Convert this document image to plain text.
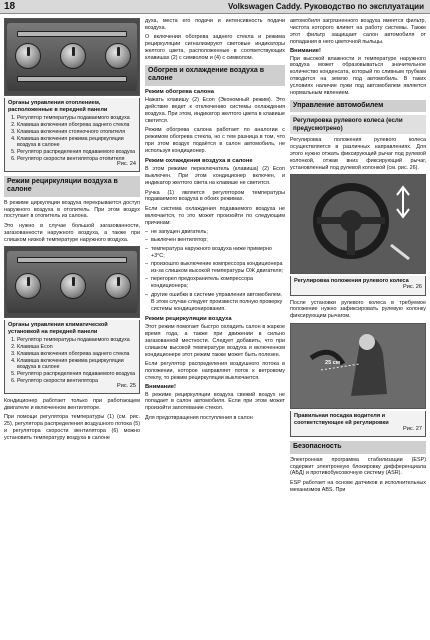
18	Volkswagen Caddy. Руководство по эксплуатации
Органы управления отоплением, расположенные в передней панели
1. Регулятор температуры подаваемого воздуха
2. Клавиша включения обогрева заднего стекла
3. Клавиша включения стояночного отопителя
4. Клавиша включения режима рециркуляции воздуха в салоне
5. Регулятор распределения подаваемого воздуха
6. Регулятор скорости вентилятора отопителя
Рис. 24
Режим рециркуляции воздуха в салоне

В режиме циркуляции воздуха перекрывается доступ наружного воздуха в отопитель. При этом воздух поступает в отопитель из салона.

Это нужно в случае большой загазованности, загазованности наружного воздуха, а также при слишком низкой температуре наружного воздуха.

Органы управления климатической установкой на передней панели
1. Регулятор температуры подаваемого воздуха
2. Клавиша Econ
3. Клавиша включения обогрева заднего стекла
4. Клавиша включения режима рециркуляции воздуха в салоне
5. Регулятор распределения подаваемого воздуха
6. Регулятор скорости вентилятора
Рис. 25

Кондиционер работает только при работающем двигателе и включенном вентиляторе.

При помощи регулятора температуры (1) (см. рис. 25), регулятора распределения воздушного потока (5) и регулятора скорости вентилятора (6) можно установить температуру воздуха в салоне

духа, места его подачи и интенсивность подачи воздуха.

О включении обогрева заднего стекла и режима рециркуляции сигнализируют световые индикаторы желтого цвета, расположенные в соответствующих клавишах (2) с символом и (4) с символом.

Обогрев и охлаждение воздуха в салоне
Режим обогрева салона

Нажать клавишу (2) Econ (Экономный режим). Это действие ведет к отключению системы охлаждения воздуха. При этом, индикатор желтого цвета в клавише светится.

Режим обогрева салона работает по аналогии с режимом обогрева стекла, но с тем разница в том, что при этом воздух подаётся в салон автомобиль, не используя кондиционер.

Режим охлаждения воздуха в салоне

В этом режиме переключатель (клавиша) (2) Econ выключен. При этом кондиционер включен, и индикатор желтого света на клавише не светится.

Ручка (1) является регулятором температуры подаваемого воздуха в обоих режимах.

Если система охлаждения подаваемого воздуха не включается, то это может произойти по следующим причинам:

– не запущен двигатель;
– выключен вентилятор;
– температура наружного воздуха ниже примерно +3°С;
– произошло выключение компрессора кондиционера из-за слишком высокой температуры ОЖ двигателя;
– перегорел предохранитель компрессора кондиционера;
– другие ошибки в системе управления автомобилем. В этом случае следует произвести полную проверку системы кондиционирования.
Режим рециркуляции воздуха

Этот режим помогает быстро охладить салон в жаркое время года, а также при движении в сильно загазованной местности. Следует добавить, что при слишком высокой температуре воздуха и включенном кондиционере этот режим также может быть полезен.

Если регулятор распределения воздушного потока в положении, которое направляет поток к ветровому стеклу, то режим рециркуляции выключается.

Внимание!

В режиме рециркуляции воздуха свежий воздух не попадает в салон автомобиля. Если при этом может произойти запотевание стекол.

Для предотвращения поступления в салон

автомобиля загрязненного воздуха имеется фильтр, чистота которого влияет на работу системы. Также этот фильтр защищает салон автомобиля от попадания в него цветочной пыльцы.

Внимание!

При высокой влажности и температуре наружного воздуха может образовываться значительное количество конденсата, который по сливным трубкам отводится на землю под автомобиль. В таких условиях наличие лужи под автомобилем является нормальным явлением.

Управление автомобилем
Регулировка рулевого колеса (если предусмотрено)

Регулировка положения рулевого колеса осуществляется в различных направлениях. Для этого нужно отжать фиксирующий рычаг под рулевой колонкой, отжав вниз фиксирующий рычаг, установленный под рулевой колонкой (см. рис. 26).

Регулировка положения рулевого колеса
Рис. 26

После установки рулевого колеса в требуемое положение нужно зафиксировать рулевую колонку фиксирующим рычагом.

25 см
Правильная посадка водителя и соответствующее ей регулировки
Рис. 27
Безопасность

Электронная программа стабилизации (ESP) содержит электронную блокировку дифференциала (АБД) и противобуксовочную систему (ASR).

ESP работает на основе датчиков и исполнительных механизмов ABS. При
